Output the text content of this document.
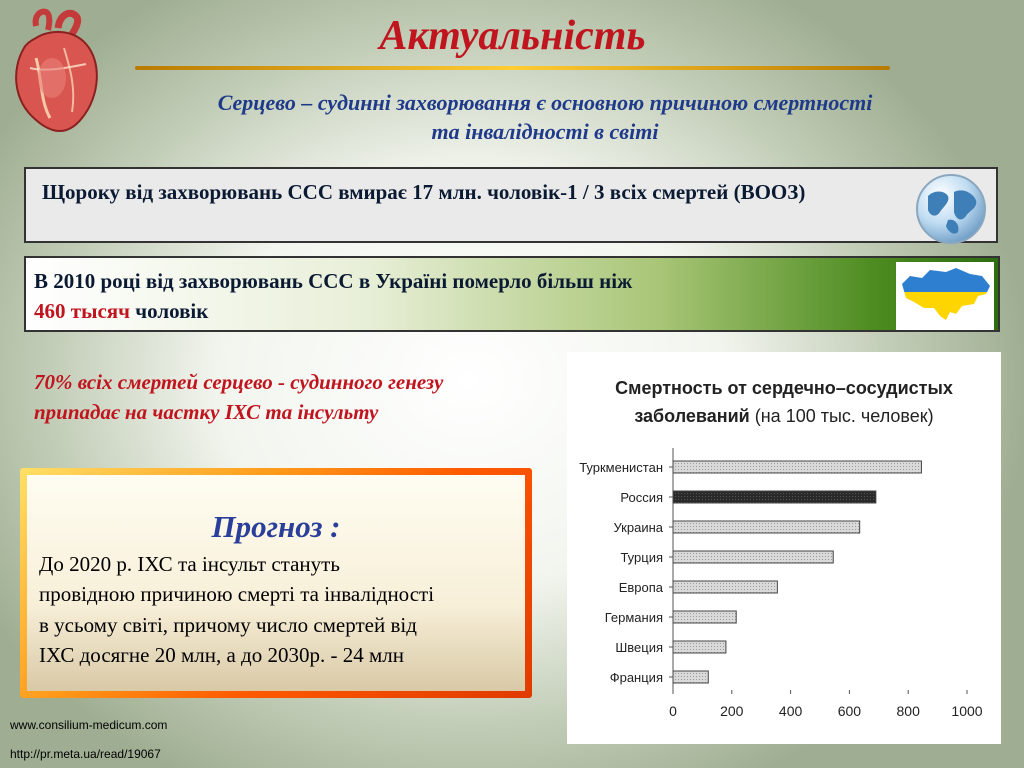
Актуальність
Серцево – судинні захворювання є основною причиною смертності
та інвалідності в світі
Щороку від захворювань ССС вмирає 17 млн. чоловік-1 / 3 всіх смертей (ВООЗ)
В 2010 році від захворювань ССС в Україні померло більш ніж
460 тысяч чоловік
70% всіх смертей серцево - судинного генезу
припадає на частку ІХС та інсульту
Прогноз :
До 2020 р. ІХС та інсульт стануть
провідною причиною смерті та інвалідності
в усьому світі, причому число смертей від
ІХС досягне 20 млн, а до 2030р. - 24 млн
Смертность от сердечно–сосудистых
заболеваний (на 100 тыс. человек)
Туркменистан
Россия
Украина
Турция
Европа
Германия
Швеция
Франция
0	200	400	600	800 1000
www.consilium-medicum.com
http://pr.meta.ua/read/19067
